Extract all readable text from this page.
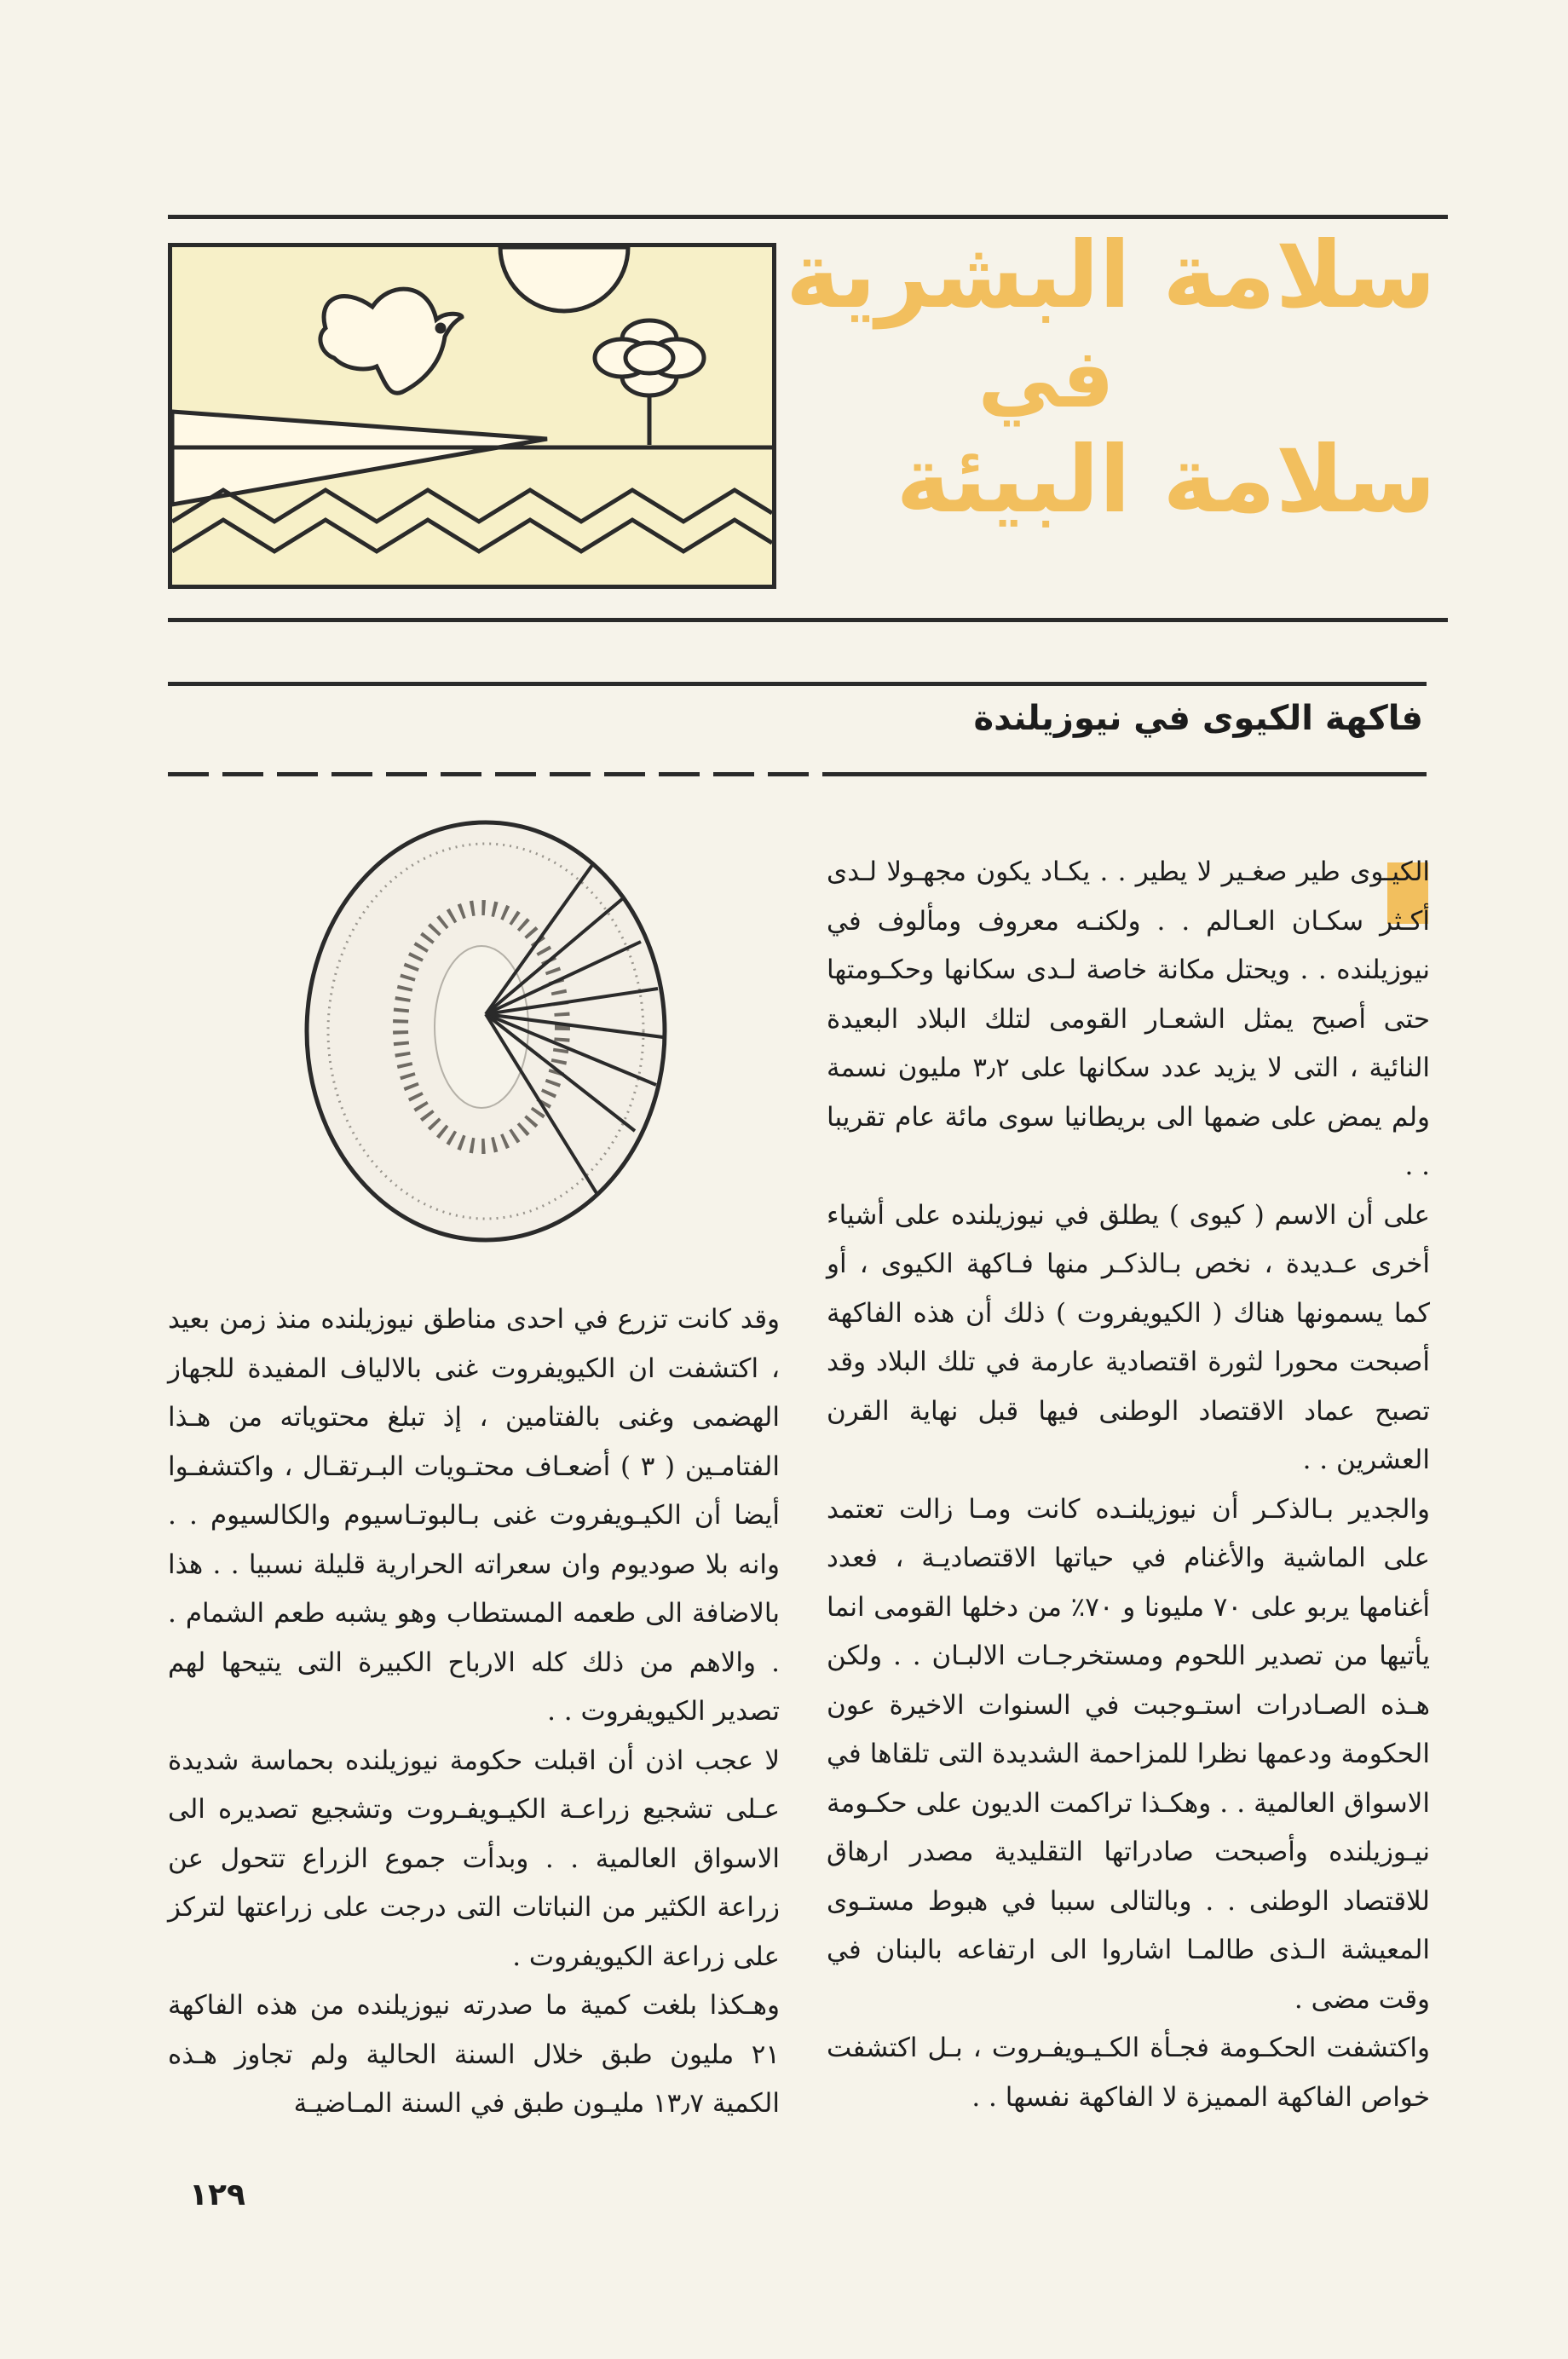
سلامة البشرية
في
سلامة البيئة
فاكهة الكيوى في نيوزيلندة

الكيـوى طير صغـير لا يطير . . يكـاد يكون مجهـولا لـدى أكـثر سكـان العـالم . . ولكنـه معروف ومألوف في نيوزيلنده . . ويحتل مكانة خاصة لـدى سكانها وحكـومتها حتى أصبح يمثل الشعـار القومى لتلك البلاد البعيدة النائية ، التى لا يزيد عدد سكانها على ٣٫٢ مليون نسمة ولم يمض على ضمها الى بريطانيا سوى مائة عام تقريبا . .

على أن الاسم ( كيوى ) يطلق في نيوزيلنده على أشياء أخرى عـديدة ، نخص بـالذكـر منها فـاكهة الكيوى ، أو كما يسمونها هناك ( الكيويفروت ) ذلك أن هذه الفاكهة أصبحت محورا لثورة اقتصادية عارمة في تلك البلاد وقد تصبح عماد الاقتصاد الوطنى فيها قبل نهاية القرن العشرين . .

والجدير بـالذكـر أن نيوزيلنـده كانت ومـا زالت تعتمد على الماشية والأغنام في حياتها الاقتصاديـة ، فعدد أغنامها يربو على ٧٠ مليونا و ٧٠٪ من دخلها القومى انما يأتيها من تصدير اللحوم ومستخرجـات الالبـان . . ولكن هـذه الصـادرات استـوجبت في السنوات الاخيرة عون الحكومة ودعمها نظرا للمزاحمة الشديدة التى تلقاها في الاسواق العالمية . . وهكـذا تراكمت الديون على حكـومة نيـوزيلنده وأصبحت صادراتها التقليدية مصدر ارهاق للاقتصاد الوطنى . . وبالتالى سببا في هبوط مستـوى المعيشة الـذى طالمـا اشاروا الى ارتفاعه بالبنان في وقت مضى .

واكتشفت الحكـومة فجـأة الكـيـويفـروت ، بـل اكتشفت خواص الفاكهة المميزة لا الفاكهة نفسها . .

وقد كانت تزرع في احدى مناطق نيوزيلنده منذ زمن بعيد ، اكتشفت ان الكيويفروت غنى بالالياف المفيدة للجهاز الهضمى وغنى بالفتامين ، إذ تبلغ محتوياته من هـذا الفتامـين ( ٣ ) أضعـاف محتـويات البـرتقـال ، واكتشفـوا أيضا أن الكيـويفروت غنى بـالبوتـاسيوم والكالسيوم . . وانه بلا صوديوم وان سعراته الحرارية قليلة نسبيا . . هذا بالاضافة الى طعمه المستطاب وهو يشبه طعم الشمام . . والاهم من ذلك كله الارباح الكبيرة التى يتيحها لهم تصدير الكيويفروت . .

لا عجب اذن أن اقبلت حكومة نيوزيلنده بحماسة شديدة عـلى تشجيع زراعـة الكيـويفـروت وتشجيع تصديره الى الاسواق العالمية . . وبدأت جموع الزراع تتحول عن زراعة الكثير من النباتات التى درجت على زراعتها لتركز على زراعة الكيويفروت .

وهـكذا بلغت كمية ما صدرته نيوزيلنده من هذه الفاكهة ٢١ مليون طبق خلال السنة الحالية ولم تجاوز هـذه الكمية ١٣٫٧ مليـون طبق في السنة المـاضيـة

١٢٩
